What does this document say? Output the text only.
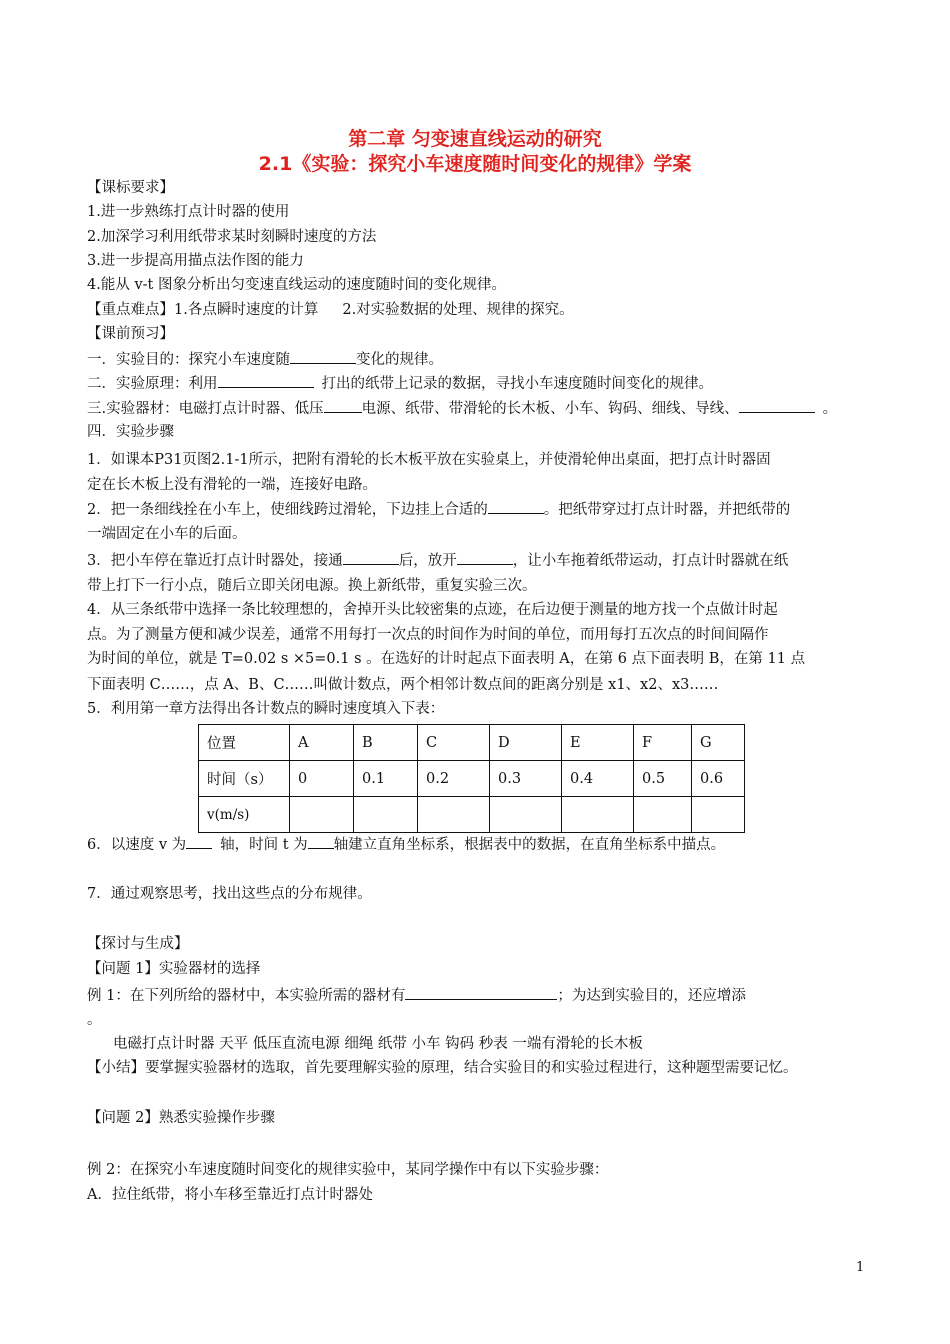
第二章 匀变速直线运动的研究
2.1《实验：探究小车速度随时间变化的规律》学案
【课标要求】
1.进一步熟练打点计时器的使用
2.加深学习利用纸带求某时刻瞬时速度的方法
3.进一步提高用描点法作图的能力
4.能从 v-t 图象分析出匀变速直线运动的速度随时间的变化规律。
【重点难点】1.各点瞬时速度的计算 2.对实验数据的处理、规律的探究。
【课前预习】
一．实验目的：探究小车速度随	变化的规律。
二．实验原理：利用	打出的纸带上记录的数据，寻找小车速度随时间变化的规律。
三.实验器材：电磁打点计时器、低压	电源、纸带、带滑轮的长木板、小车、钩码、细线、导线、	。
四．实验步骤
1．如课本P31页图2.1-1所示，把附有滑轮的长木板平放在实验桌上，并使滑轮伸出桌面，把打点计时器固
定在长木板上没有滑轮的一端，连接好电路。
2．把一条细线拴在小车上，使细线跨过滑轮，下边挂上合适的	。把纸带穿过打点计时器，并把纸带的
一端固定在小车的后面。
3．把小车停在靠近打点计时器处，接通	后，放开	，让小车拖着纸带运动，打点计时器就在纸
带上打下一行小点，随后立即关闭电源。换上新纸带，重复实验三次。
4．从三条纸带中选择一条比较理想的，舍掉开头比较密集的点迹，在后边便于测量的地方找一个点做计时起
点。为了测量方便和减少误差，通常不用每打一次点的时间作为时间的单位，而用每打五次点的时间间隔作
为时间的单位，就是 T=0.02 s ×5=0.1 s 。在选好的计时起点下面表明 A，在第 6 点下面表明 B，在第 11 点
下面表明 C……，点 A、B、C……叫做计数点，两个相邻计数点间的距离分别是 x1、x2、x3……
5．利用第一章方法得出各计数点的瞬时速度填入下表：
位置	A	B	C	D	E	F	G
时间（s）	0	0.1	0.2	0.3	0.4	0.5	0.6
v(m/s)							
6．以速度 v 为 轴，时间 t 为 轴建立直角坐标系，根据表中的数据，在直角坐标系中描点。
7．通过观察思考，找出这些点的分布规律。
【探讨与生成】
【问题 1】实验器材的选择
例 1：在下列所给的器材中，本实验所需的器材有	；为达到实验目的，还应增添
。
电磁打点计时器 天平 低压直流电源 细绳 纸带 小车 钩码 秒表 一端有滑轮的长木板
【小结】要掌握实验器材的选取，首先要理解实验的原理，结合实验目的和实验过程进行，这种题型需要记忆。
【问题 2】熟悉实验操作步骤
例 2：在探究小车速度随时间变化的规律实验中，某同学操作中有以下实验步骤：
A．拉住纸带，将小车移至靠近打点计时器处
1
